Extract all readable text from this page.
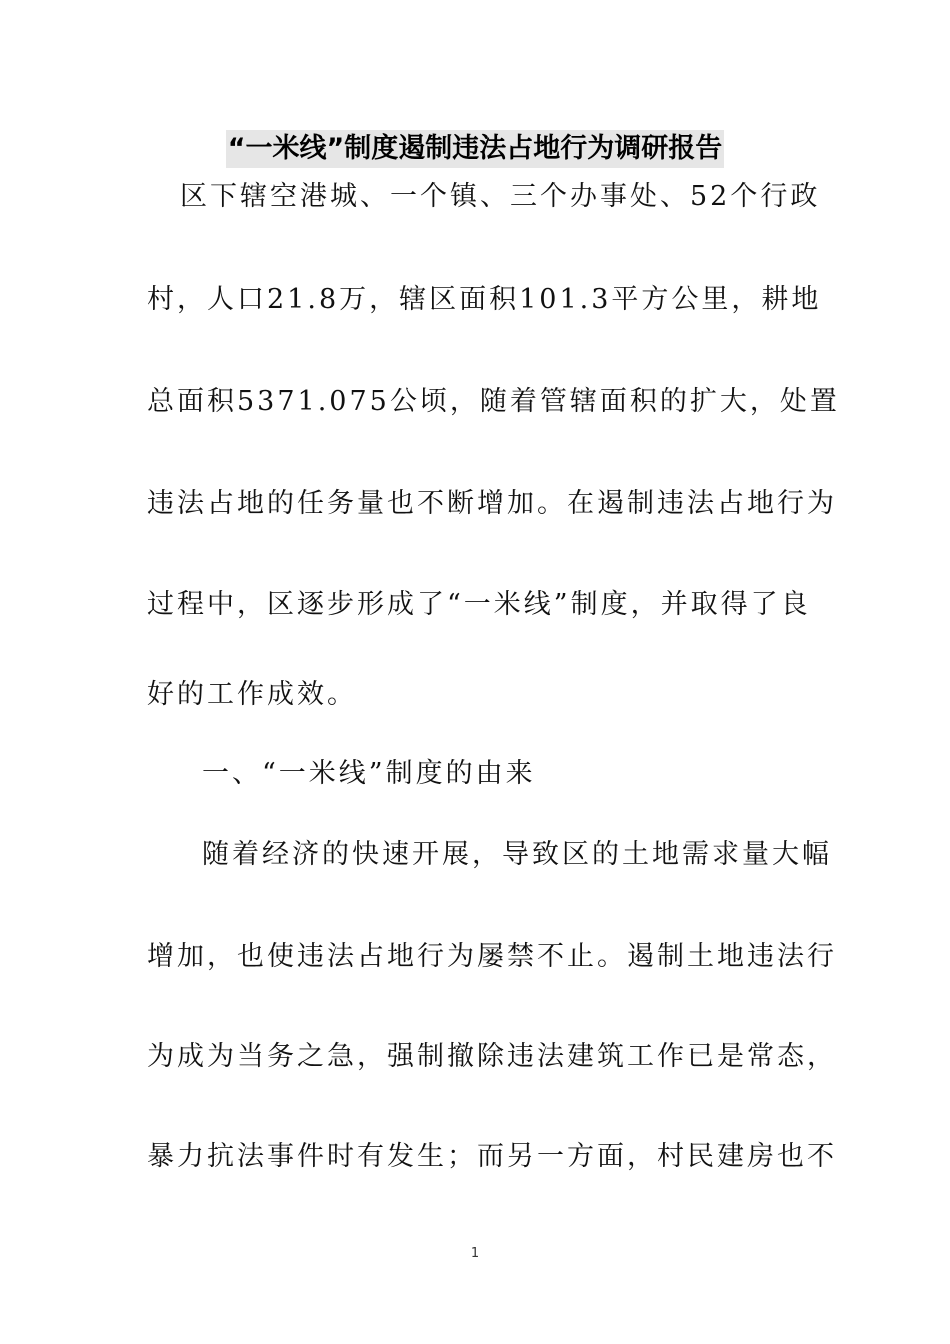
“一米线”制度遏制违法占地行为调研报告
区下辖空港城、一个镇、三个办事处、52个行政
村，人口21.8万，辖区面积101.3平方公里，耕地
总面积5371.075公顷，随着管辖面积的扩大，处置
违法占地的任务量也不断增加。在遏制违法占地行为
过程中，区逐步形成了“一米线”制度，并取得了良
好的工作成效。
一、“一米线”制度的由来
随着经济的快速开展，导致区的土地需求量大幅
增加，也使违法占地行为屡禁不止。遏制土地违法行
为成为当务之急，强制撤除违法建筑工作已是常态，
暴力抗法事件时有发生；而另一方面，村民建房也不
1
